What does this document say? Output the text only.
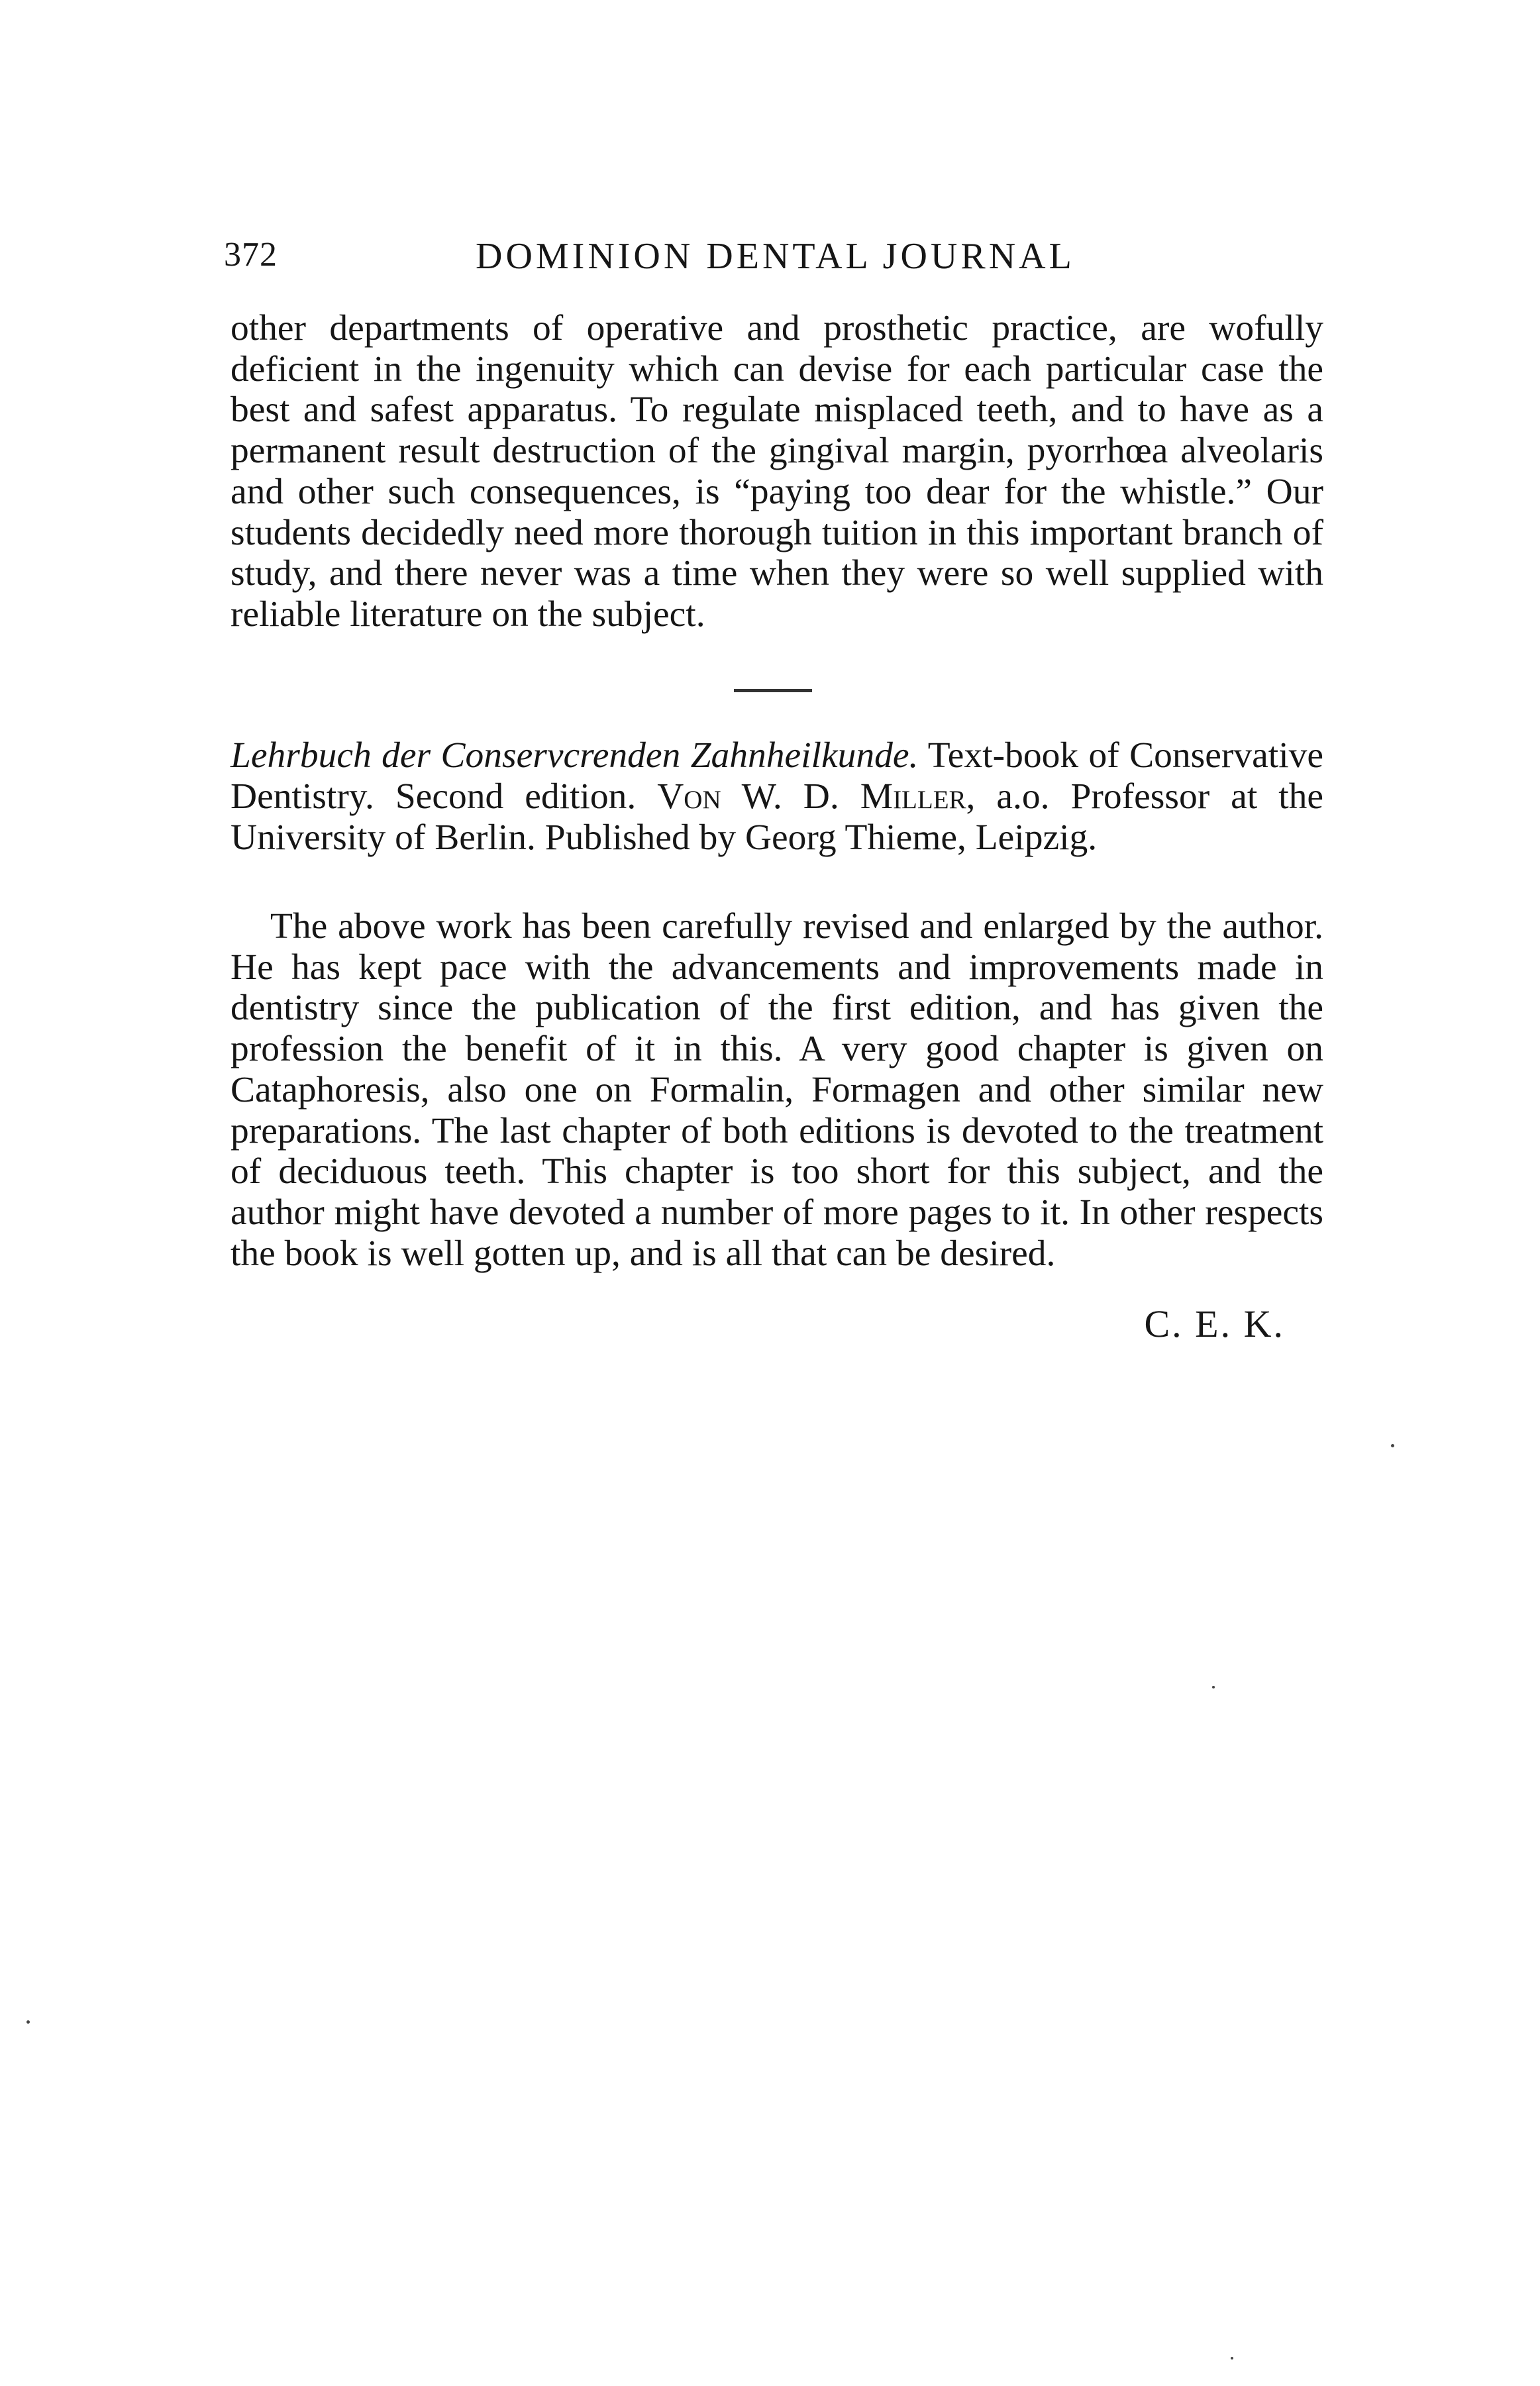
372	DOMINION DENTAL JOURNAL

other departments of operative and prosthetic practice, are wofully deficient in the ingenuity which can devise for each particular case the best and safest apparatus. To regulate misplaced teeth, and to have as a permanent result destruction of the gingival margin, pyorrhœa alveolaris and other such consequences, is “paying too dear for the whistle.” Our students decidedly need more thorough tuition in this important branch of study, and there never was a time when they were so well supplied with reliable literature on the subject.

Lehrbuch der Conservcrenden Zahnheilkunde. Text-book of Conservative Dentistry. Second edition. Von W. D. Miller, a.o. Professor at the University of Berlin. Published by Georg Thieme, Leipzig.

The above work has been carefully revised and enlarged by the author. He has kept pace with the advancements and improvements made in dentistry since the publication of the first edition, and has given the profession the benefit of it in this. A very good chapter is given on Cataphoresis, also one on Formalin, Formagen and other similar new preparations. The last chapter of both editions is devoted to the treatment of deciduous teeth. This chapter is too short for this subject, and the author might have devoted a number of more pages to it. In other respects the book is well gotten up, and is all that can be desired.

C. E. K.
